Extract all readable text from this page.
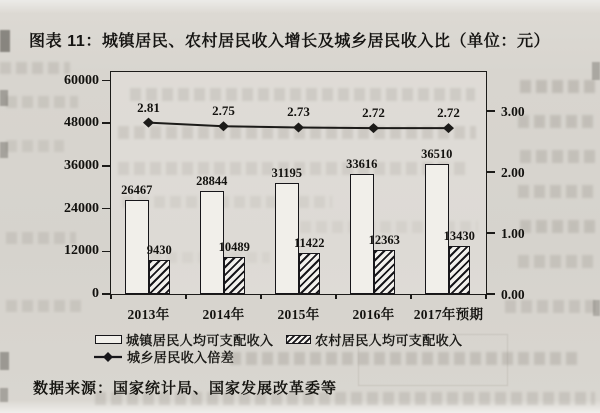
图表 11：城镇居民、农村居民收入增长及城乡居民收入比（单位：元）
60000
48000
36000
24000
12000
0
3.00
2.00
1.00
0.00
26467
9430
2013年
2.81
28844
10489
2014年
2.75
31195
11422
2015年
2.73
33616
12363
2016年
2.72
36510
13430
2017年预期
2.72
城镇居民人均可支配收入	农村居民人均可支配收入
城乡居民收入倍差
数据来源：国家统计局、国家发展改革委等
